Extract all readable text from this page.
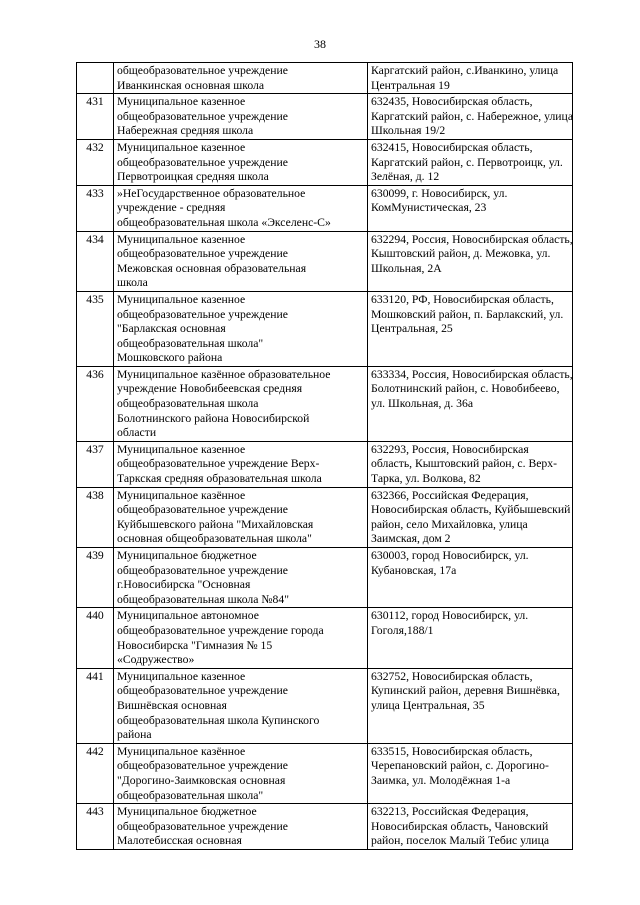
38

	общеобразовательное учреждение
Иванкинская основная школа	Каргатский район, с.Иванкино, улица
Центральная 19

431	Муниципальное казенное
общеобразовательное учреждение
Набережная средняя школа	632435, Новосибирская область,
Каргатский район, с. Набережное, улица
Школьная 19/2

432	Муниципальное казенное
общеобразовательное учреждение
Первотроицкая средняя школа	632415, Новосибирская область,
Каргатский район, с. Первотроицк, ул.
Зелёная, д. 12

433	»НеГосударственное образовательное
учреждение - средняя
общеобразовательная школа «Экселенс-С»	630099, г. Новосибирск, ул.
КомМунистическая, 23

434	Муниципальное казенное
общеобразовательное учреждение
Межовская основная образовательная
школа	632294, Россия, Новосибирская область,
Кыштовский район, д. Межовка, ул.
Школьная, 2А

435	Муниципальное казенное
общеобразовательное учреждение
"Барлакская основная
общеобразовательная школа"
Мошковского района	633120, РФ, Новосибирская область,
Мошковский район, п. Барлакский, ул.
Центральная, 25

436	Муниципальное казённое образовательное
учреждение Новобибеевская средняя
общеобразовательная школа
Болотнинского района Новосибирской
области	633334, Россия, Новосибирская область,
Болотнинский район, с. Новобибеево,
ул. Школьная, д. 36а

437	Муниципальное казенное
общеобразовательное учреждение Верх-
Таркская средняя образовательная школа	632293, Россия, Новосибирская
область, Кыштовский район, с. Верх-
Тарка, ул. Волкова, 82

438	Муниципальное казённое
общеобразовательное учреждение
Куйбышевского района "Михайловская
основная общеобразовательная школа"	632366, Российская Федерация,
Новосибирская область, Куйбышевский
район, село Михайловка, улица
Заимская, дом 2

439	Муниципальное бюджетное
общеобразовательное учреждение
г.Новосибирска "Основная
общеобразовательная школа №84"	630003, город Новосибирск, ул.
Кубановская, 17а

440	Муниципальное автономное
общеобразовательное учреждение города
Новосибирска "Гимназия № 15
«Содружество»	630112, город Новосибирск, ул.
Гоголя,188/1

441	Муниципальное казенное
общеобразовательное учреждение
Вишнёвская основная
общеобразовательная школа Купинского
района	632752, Новосибирская область,
Купинский район, деревня Вишнёвка,
улица Центральная, 35

442	Муниципальное казённое
общеобразовательное учреждение
"Дорогино-Заимковская основная
общеобразовательная школа"	633515, Новосибирская область,
Черепановский район, с. Дорогино-
Заимка, ул. Молодёжная 1-а

443	Муниципальное бюджетное
общеобразовательное учреждение
Малотебисская основная	632213, Российская Федерация,
Новосибирская область, Чановский
район, поселок Малый Тебис улица
